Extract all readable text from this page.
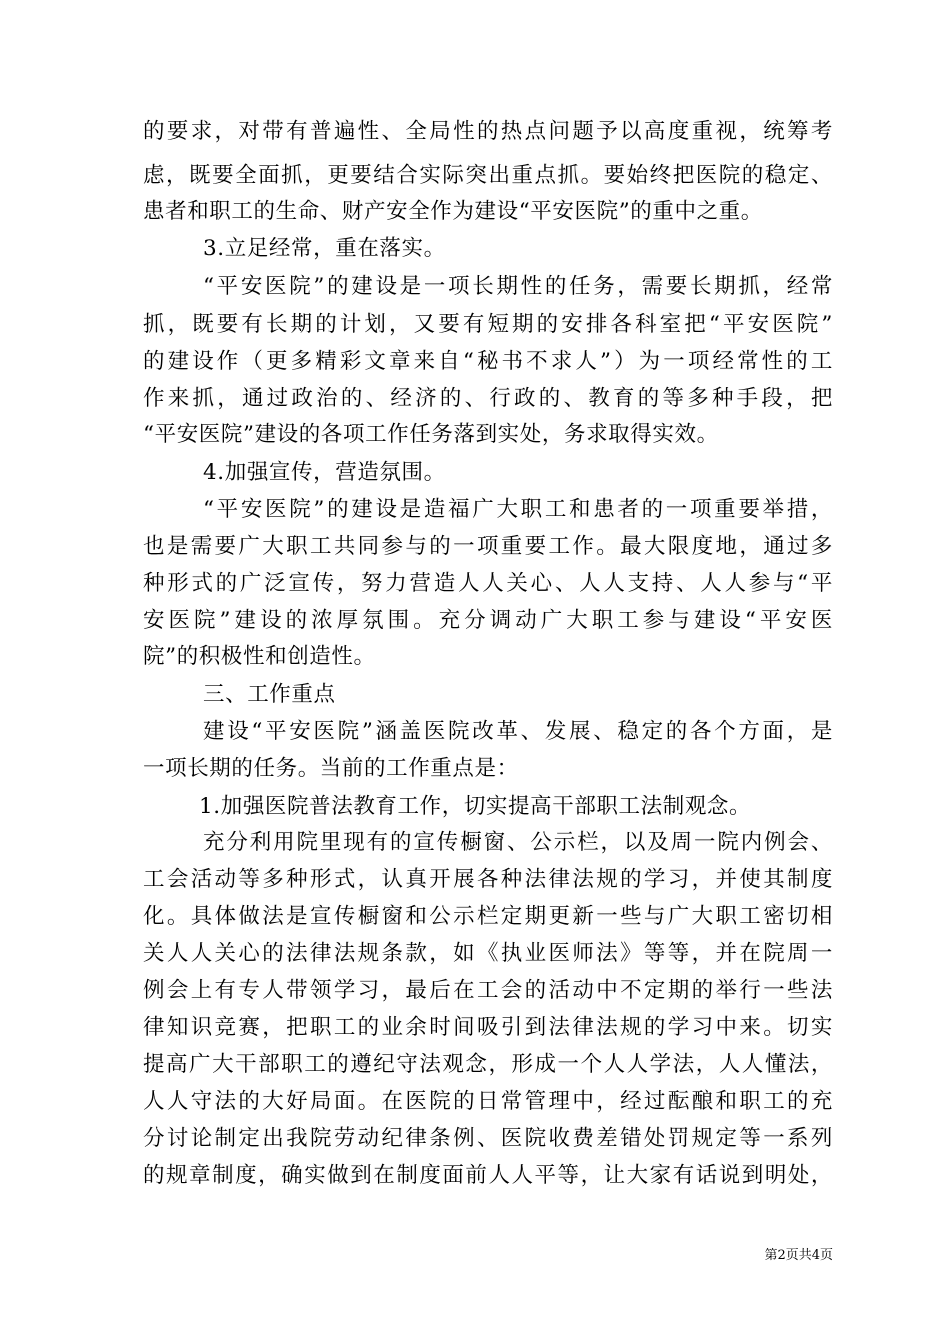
的要求，对带有普遍性、全局性的热点问题予以高度重视，统筹考
虑，既要全面抓，更要结合实际突出重点抓。要始终把医院的稳定、
患者和职工的生命、财产安全作为建设“平安医院”的重中之重。
3.立足经常，重在落实。
“平安医院”的建设是一项长期性的任务，需要长期抓，经常
抓，既要有长期的计划，又要有短期的安排各科室把“平安医院”
的建设作（更多精彩文章来自“秘书不求人”）为一项经常性的工
作来抓，通过政治的、经济的、行政的、教育的等多种手段，把
“平安医院”建设的各项工作任务落到实处，务求取得实效。
4.加强宣传，营造氛围。
“平安医院”的建设是造福广大职工和患者的一项重要举措，
也是需要广大职工共同参与的一项重要工作。最大限度地，通过多
种形式的广泛宣传，努力营造人人关心、人人支持、人人参与“平
安医院”建设的浓厚氛围。充分调动广大职工参与建设“平安医
院”的积极性和创造性。
三、工作重点
建设“平安医院”涵盖医院改革、发展、稳定的各个方面，是
一项长期的任务。当前的工作重点是：
1.加强医院普法教育工作，切实提高干部职工法制观念。
充分利用院里现有的宣传橱窗、公示栏，以及周一院内例会、
工会活动等多种形式，认真开展各种法律法规的学习，并使其制度
化。具体做法是宣传橱窗和公示栏定期更新一些与广大职工密切相
关人人关心的法律法规条款，如《执业医师法》等等，并在院周一
例会上有专人带领学习，最后在工会的活动中不定期的举行一些法
律知识竞赛，把职工的业余时间吸引到法律法规的学习中来。切实
提高广大干部职工的遵纪守法观念，形成一个人人学法，人人懂法，
人人守法的大好局面。在医院的日常管理中，经过酝酿和职工的充
分讨论制定出我院劳动纪律条例、医院收费差错处罚规定等一系列
的规章制度，确实做到在制度面前人人平等，让大家有话说到明处，
第2页共4页
